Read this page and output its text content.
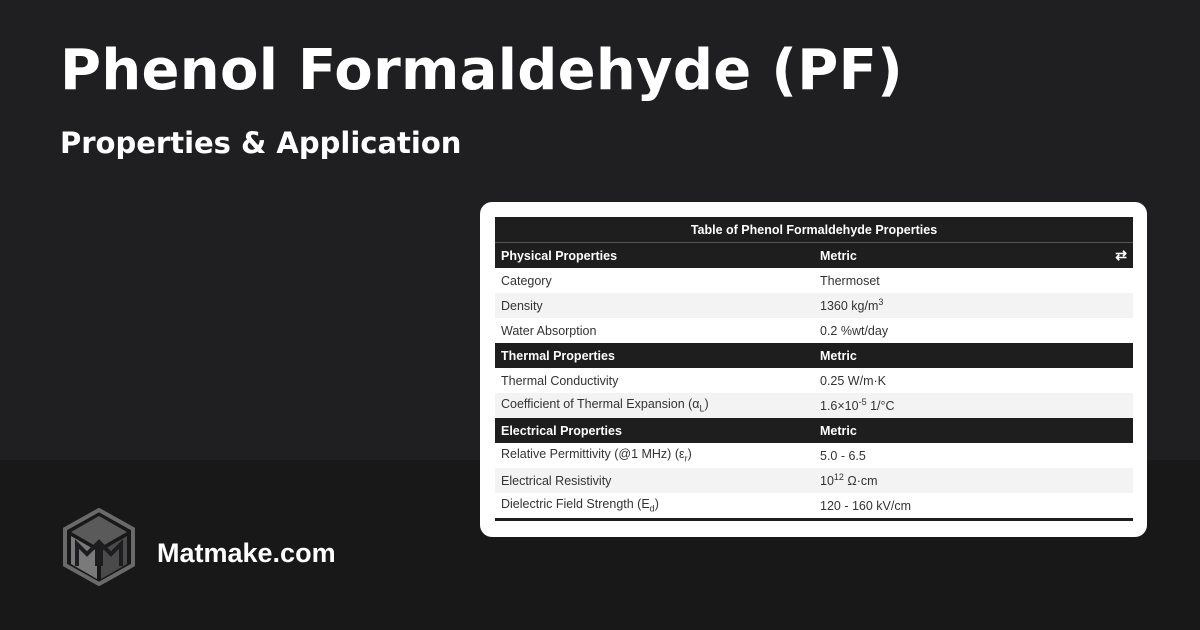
Phenol Formaldehyde (PF)
Properties & Application
Table of Phenol Formaldehyde Properties	
Physical Properties	Metric ⇄

Category	Thermoset
Density	1360 $kg/m^3$
Water Absorption	0.2 %wt/day
Thermal Properties	Metric
Thermal Conductivity	0.25 W/m·K
Coefficient of Thermal Expansion $(\alpha_L)$	$1.6\times 10^{-5}$ 1/°C
Electrical Properties	Metric
Relative Permittivity (@1 MHz) $(\varepsilon_r)$	5.0 - 6.5
Electrical Resistivity	$10^{12}$ Ω·cm
Dielectric Field Strength $(E_d)$	120 - 160 kV/cm
Matmake.com
